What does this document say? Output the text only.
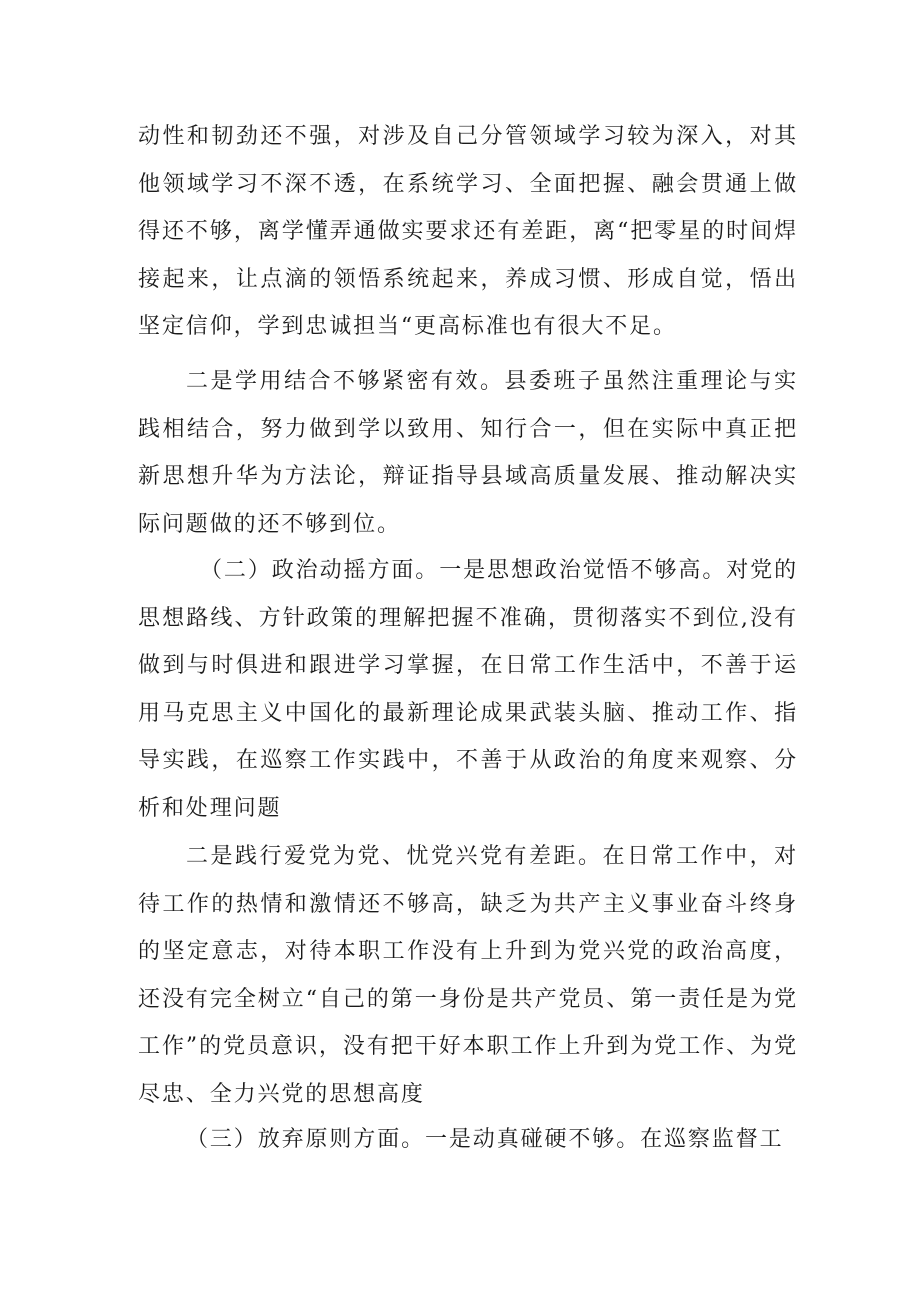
动性和韧劲还不强，对涉及自己分管领域学习较为深入，对其他领域学习不深不透，在系统学习、全面把握、融会贯通上做得还不够，离学懂弄通做实要求还有差距，离“把零星的时间焊接起来，让点滴的领悟系统起来，养成习惯、形成自觉，悟出坚定信仰，学到忠诚担当“更高标准也有很大不足。

二是学用结合不够紧密有效。县委班子虽然注重理论与实践相结合，努力做到学以致用、知行合一，但在实际中真正把新思想升华为方法论，辩证指导县域高质量发展、推动解决实际问题做的还不够到位。

（二）政治动摇方面。一是思想政治觉悟不够高。对党的思想路线、方针政策的理解把握不准确，贯彻落实不到位,没有做到与时俱进和跟进学习掌握，在日常工作生活中，不善于运用马克思主义中国化的最新理论成果武装头脑、推动工作、指导实践，在巡察工作实践中，不善于从政治的角度来观察、分析和处理问题

二是践行爱党为党、忧党兴党有差距。在日常工作中，对待工作的热情和激情还不够高，缺乏为共产主义事业奋斗终身的坚定意志，对待本职工作没有上升到为党兴党的政治高度，还没有完全树立“自己的第一身份是共产党员、第一责任是为党工作”的党员意识，没有把干好本职工作上升到为党工作、为党尽忠、全力兴党的思想高度

（三）放弃原则方面。一是动真碰硬不够。在巡察监督工
